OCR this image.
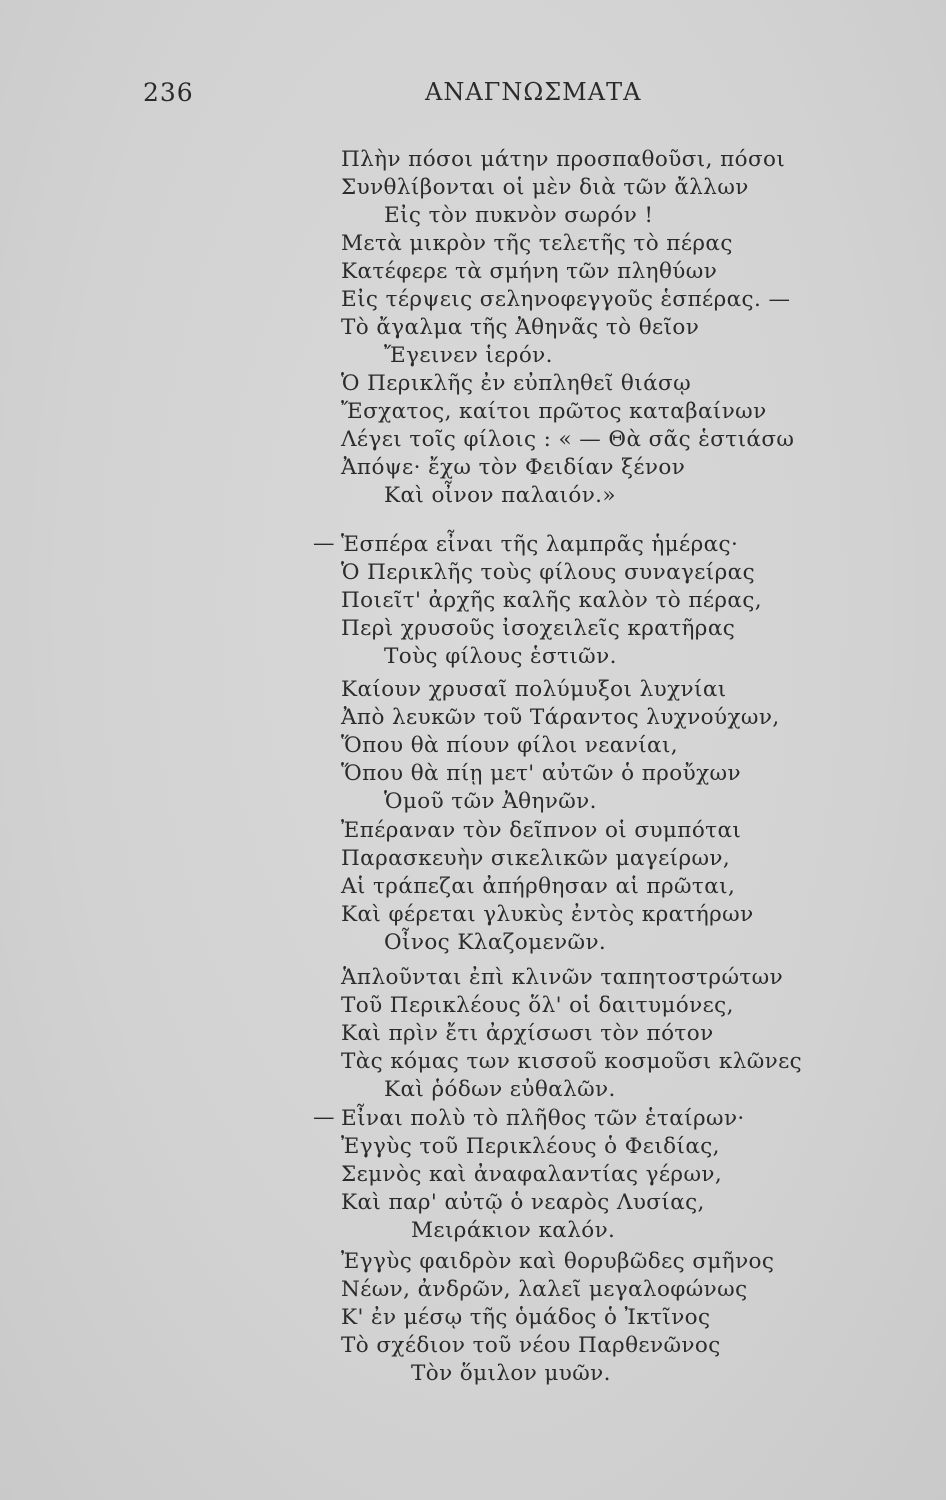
236	ΑΝΑΓΝΩΣΜΑΤΑ
—
—
Πλὴν πόσοι μάτην προσπαθοῦσι, πόσοι
Συνθλίβονται οἱ μὲν διὰ τῶν ἄλλων
Εἰς τὸν πυκνὸν σωρόν !
Μετὰ μικρὸν τῆς τελετῆς τὸ πέρας
Κατέφερε τὰ σμήνη τῶν πληθύων
Εἰς τέρψεις σεληνοφεγγοῦς ἑσπέρας. —
Τὸ ἄγαλμα τῆς Ἀθηνᾶς τὸ θεῖον
Ἔγεινεν ἱερόν.
Ὁ Περικλῆς ἐν εὐπληθεῖ θιάσῳ
Ἔσχατος, καίτοι πρῶτος καταβαίνων
Λέγει τοῖς φίλοις : « — Θὰ σᾶς ἑστιάσω
Ἀπόψε· ἔχω τὸν Φειδίαν ξένον
Καὶ οἶνον παλαιόν.»
Ἑσπέρα εἶναι τῆς λαμπρᾶς ἡμέρας·
Ὁ Περικλῆς τοὺς φίλους συναγείρας
Ποιεῖτ' ἀρχῆς καλῆς καλὸν τὸ πέρας,
Περὶ χρυσοῦς ἰσοχειλεῖς κρατῆρας
Τοὺς φίλους ἑστιῶν.
Καίουν χρυσαῖ πολύμυξοι λυχνίαι
Ἀπὸ λευκῶν τοῦ Τάραντος λυχνούχων,
Ὅπου θὰ πίουν φίλοι νεανίαι,
Ὅπου θὰ πίῃ μετ' αὐτῶν ὁ προὔχων
Ὁμοῦ τῶν Ἀθηνῶν.
Ἐπέραναν τὸν δεῖπνον οἱ συμπόται
Παρασκευὴν σικελικῶν μαγείρων,
Αἱ τράπεζαι ἀπήρθησαν αἱ πρῶται,
Καὶ φέρεται γλυκὺς ἐντὸς κρατήρων
Οἶνος Κλαζομενῶν.
Ἁπλοῦνται ἐπὶ κλινῶν ταπητοστρώτων
Τοῦ Περικλέους ὅλ' οἱ δαιτυμόνες,
Καὶ πρὶν ἔτι ἀρχίσωσι τὸν πότον
Τὰς κόμας των κισσοῦ κοσμοῦσι κλῶνες
Καὶ ῥόδων εὐθαλῶν.
Εἶναι πολὺ τὸ πλῆθος τῶν ἑταίρων·
Ἐγγὺς τοῦ Περικλέους ὁ Φειδίας,
Σεμνὸς καὶ ἀναφαλαντίας γέρων,
Καὶ παρ' αὐτῷ ὁ νεαρὸς Λυσίας,
Μειράκιον καλόν.
Ἐγγὺς φαιδρὸν καὶ θορυβῶδες σμῆνος
Νέων, ἀνδρῶν, λαλεῖ μεγαλοφώνως
Κ' ἐν μέσῳ τῆς ὁμάδος ὁ Ἰκτῖνος
Τὸ σχέδιον τοῦ νέου Παρθενῶνος
Τὸν ὅμιλον μυῶν.
